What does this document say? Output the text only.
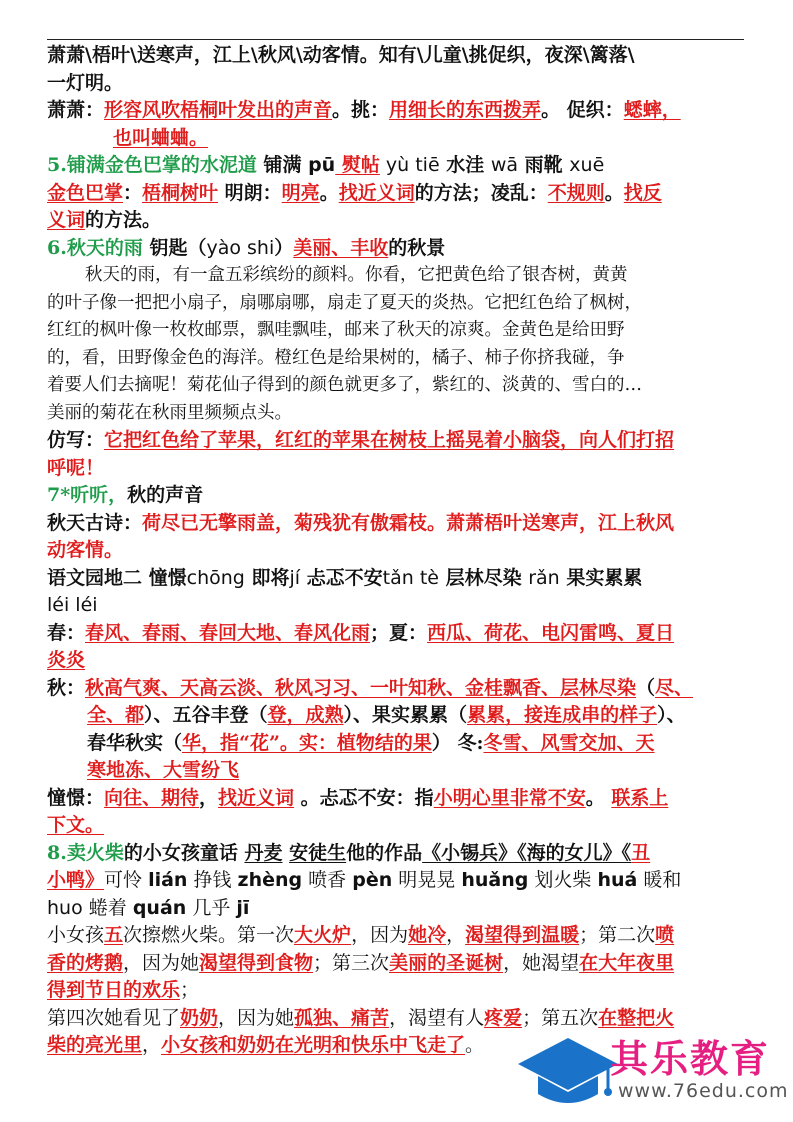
萧萧\梧叶\送寒声，江上\秋风\动客情。知有\儿童\挑促织，夜深\篱落\

一灯明。

萧萧：形容风吹梧桐叶发出的声音。挑：用细长的东西拨弄。 促织：蟋蟀，

也叫蛐蛐。

5.铺满金色巴掌的水泥道 铺满 pū 熨帖 yù tiē 水洼 wā 雨靴 xuē

金色巴掌：梧桐树叶 明朗：明亮。找近义词的方法；凌乱：不规则。找反

义词的方法。

6.秋天的雨 钥匙（yào shi）美丽、丰收的秋景

秋天的雨，有一盒五彩缤纷的颜料。你看，它把黄色给了银杏树，黄黄

的叶子像一把把小扇子，扇哪扇哪，扇走了夏天的炎热。它把红色给了枫树，

红红的枫叶像一枚枚邮票，飘哇飘哇，邮来了秋天的凉爽。金黄色是给田野

的，看，田野像金色的海洋。橙红色是给果树的，橘子、柿子你挤我碰，争

着要人们去摘呢！菊花仙子得到的颜色就更多了，紫红的、淡黄的、雪白的…

美丽的菊花在秋雨里频频点头。

仿写：它把红色给了苹果，红红的苹果在树枝上摇晃着小脑袋，向人们打招

呼呢！

7*听听，秋的声音

秋天古诗：荷尽已无擎雨盖，菊残犹有傲霜枝。萧萧梧叶送寒声，江上秋风

动客情。

语文园地二 憧憬chōng 即将jí 忐忑不安tǎn tè 层林尽染 rǎn 果实累累

léi léi

春：春风、春雨、春回大地、春风化雨；夏：西瓜、荷花、电闪雷鸣、夏日

炎炎

秋：秋高气爽、天高云淡、秋风习习、一叶知秋、金桂飘香、层林尽染（尽、

全、都）、五谷丰登（登，成熟）、果实累累（累累，接连成串的样子）、

春华秋实（华，指“花”。实：植物结的果） 冬:冬雪、风雪交加、天

寒地冻、大雪纷飞

憧憬：向往、期待，找近义词 。忐忑不安：指小明心里非常不安。 联系上

下文。

8.卖火柴的小女孩童话 丹麦 安徒生他的作品《小锡兵》《海的女儿》《丑

小鸭》可怜 lián 挣钱 zhèng 喷香 pèn 明晃晃 huǎng 划火柴 huá 暖和

huo 蜷着 quán 几乎 jī

小女孩五次擦燃火柴。第一次大火炉，因为她冷，渴望得到温暖；第二次喷

香的烤鹅，因为她渴望得到食物；第三次美丽的圣诞树，她渴望在大年夜里

得到节日的欢乐；

第四次她看见了奶奶，因为她孤独、痛苦，渴望有人疼爱；第五次在整把火

柴的亮光里，小女孩和奶奶在光明和快乐中飞走了。	其乐教育
www.76edu.com
